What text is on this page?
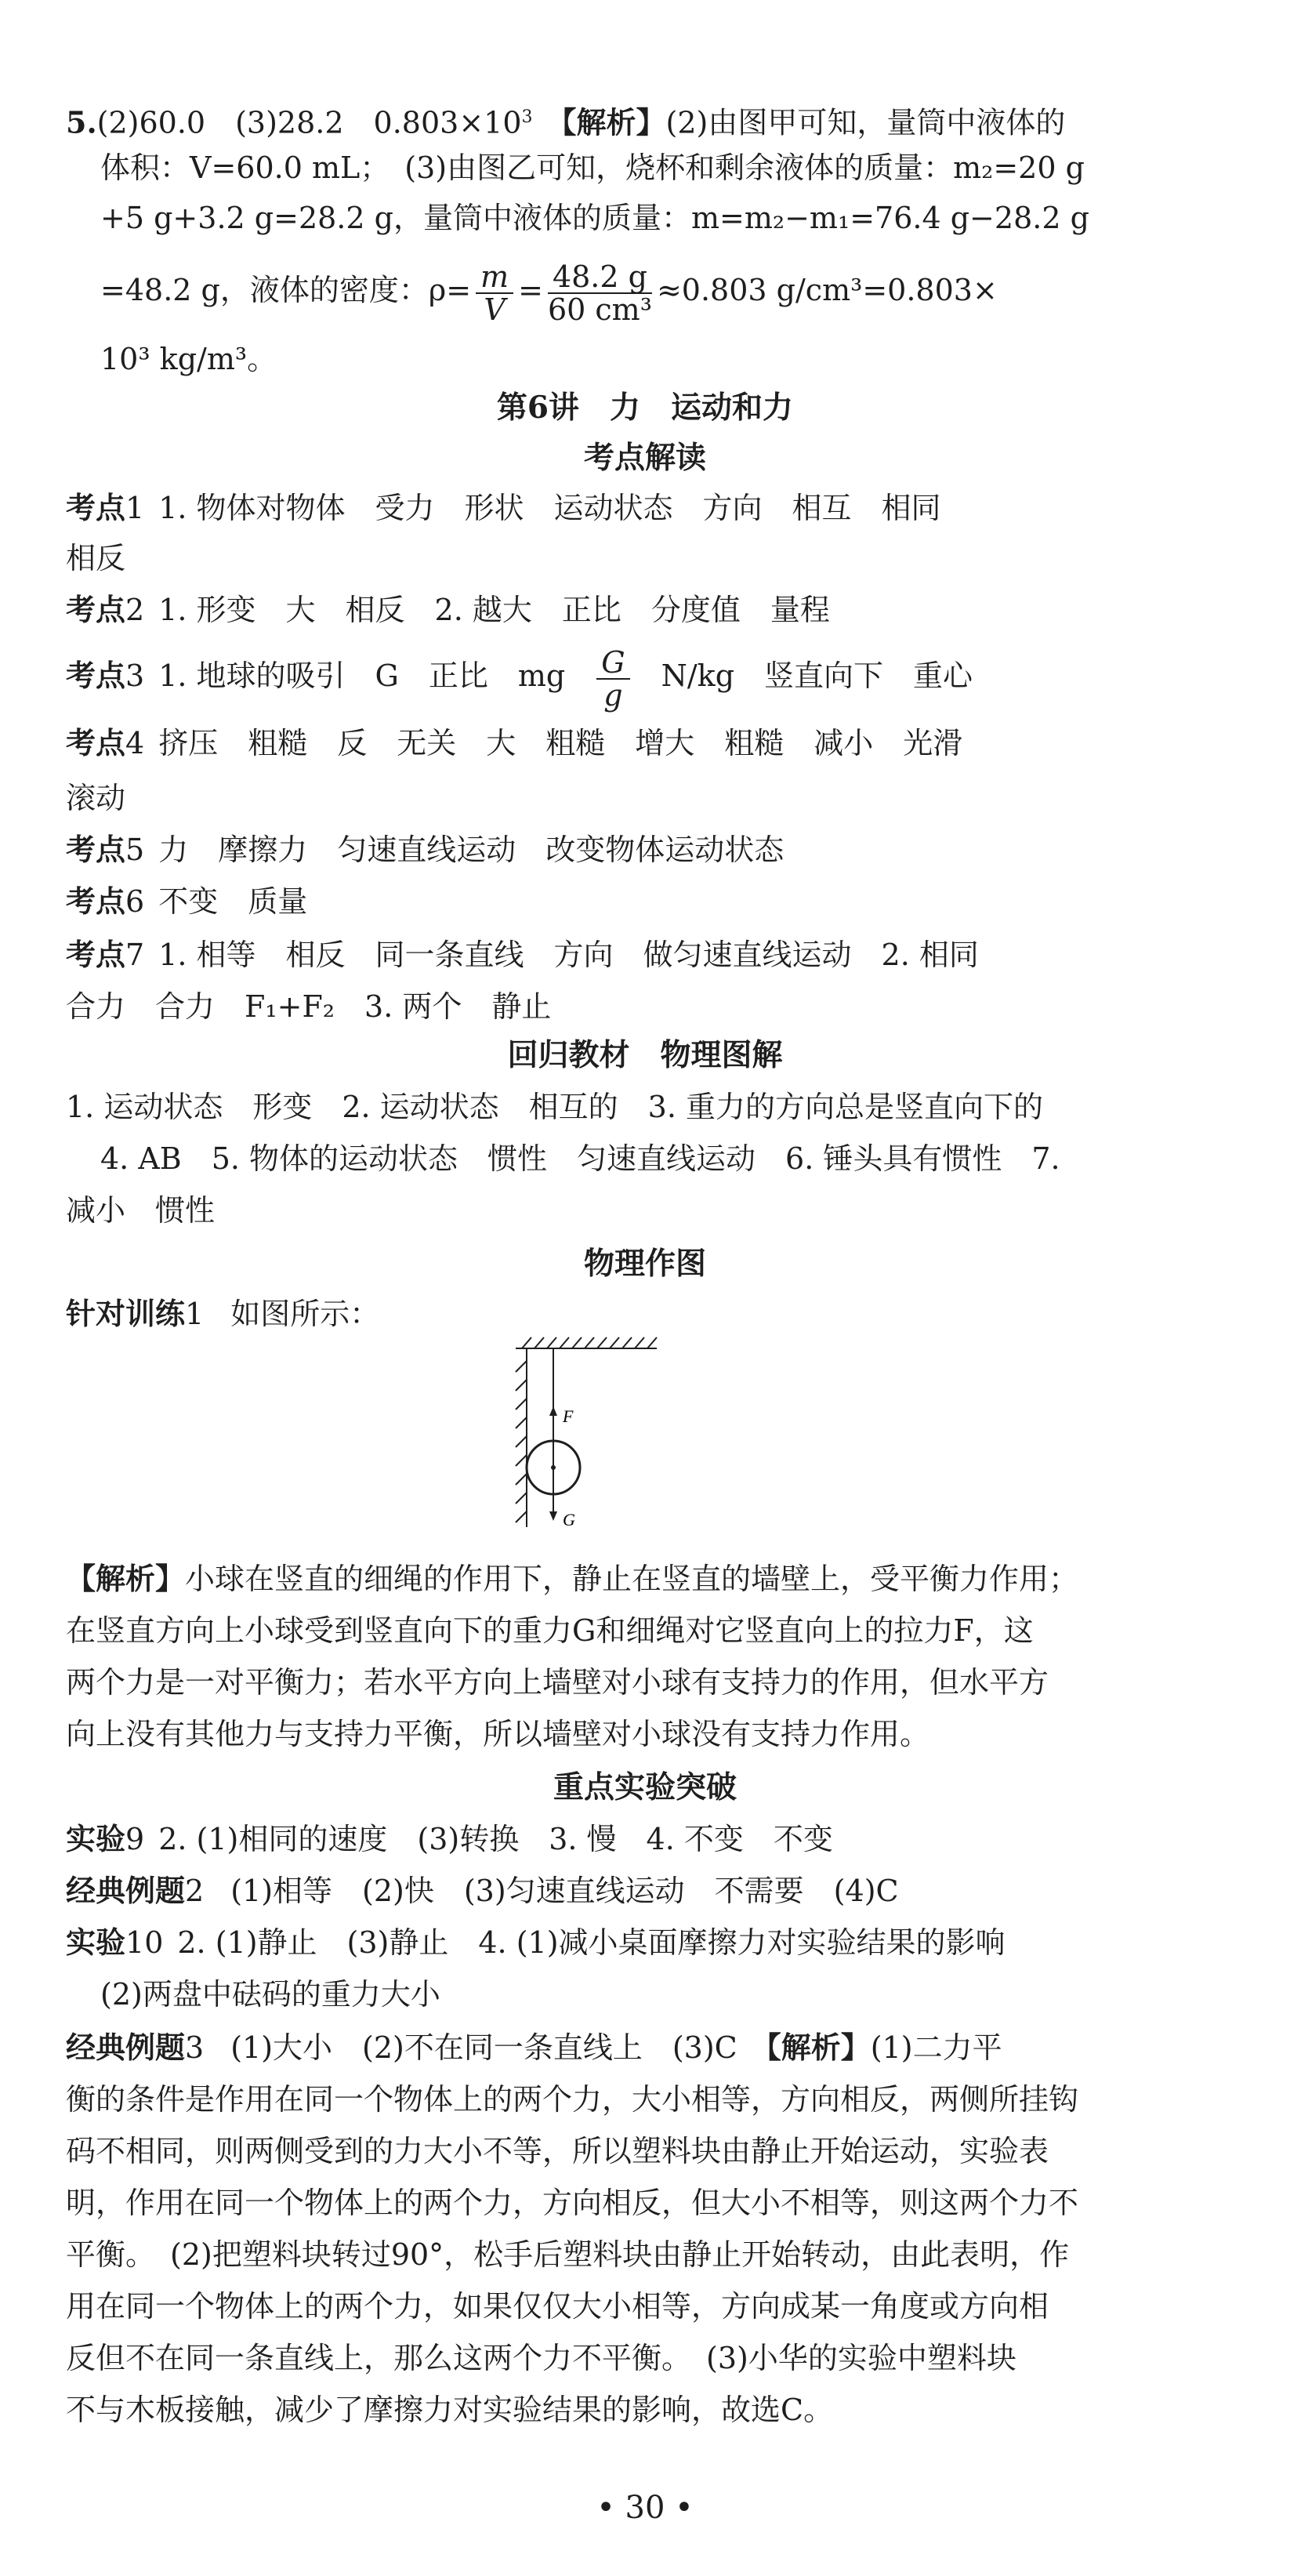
5.(2)60.0　(3)28.2　$0.803\times 10^3$ 【解析】(2)由图甲可知，量筒中液体的
体积：V=60.0 mL；　(3)由图乙可知，烧杯和剩余液体的质量：m₂=20 g
+5 g+3.2 g=28.2 g，量筒中液体的质量：m=m₂−m₁=76.4 g−28.2 g
=48.2 g，液体的密度：$\rho= \frac{m}{V} = \frac{48.2 g}{\text{60 cm³}} \approx 0.803$ g/cm³=0.803×
10³ kg/m³。
第6讲　力　运动和力
考点解读
考点1 1. 物体对物体　受力　形状　运动状态　方向　相互　相同
相反
考点2 1. 形变　大　相反　2. 越大　正比　分度值　量程
考点3 1. 地球的吸引　G　正比　mg $\frac{G}{g} N/kg$　竖直向下　重心
考点4 挤压　粗糙　反　无关　大　粗糙　增大　粗糙　减小　光滑
滚动
考点5 力　摩擦力　匀速直线运动　改变物体运动状态
考点6 不变　质量
考点7 1. 相等　相反　同一条直线　方向　做匀速直线运动　2. 相同
合力　合力　F₁+F₂　3. 两个　静止
回归教材　物理图解
1. 运动状态　形变　2. 运动状态　相互的　3. 重力的方向总是竖直向下的
4. AB　5. 物体的运动状态　惯性　匀速直线运动　6. 锤头具有惯性　7.
减小　惯性
物理作图
针对训练1 如图所示：
F
G
【解析】小球在竖直的细绳的作用下，静止在竖直的墙壁上，受平衡力作用；
在竖直方向上小球受到竖直向下的重力G和细绳对它竖直向上的拉力F，这
两个力是一对平衡力；若水平方向上墙壁对小球有支持力的作用，但水平方
向上没有其他力与支持力平衡，所以墙壁对小球没有支持力作用。
重点实验突破
实验9 2. (1)相同的速度　(3)转换　3. 慢　4. 不变　不变
经典例题2 (1)相等　(2)快　(3)匀速直线运动　不需要　(4)C
实验10 2. (1)静止　(3)静止　4. (1)减小桌面摩擦力对实验结果的影响
(2)两盘中砝码的重力大小
经典例题3 (1)大小　(2)不在同一条直线上　(3)C 【解析】(1)二力平
衡的条件是作用在同一个物体上的两个力，大小相等，方向相反，两侧所挂钩
码不相同，则两侧受到的力大小不等，所以塑料块由静止开始运动，实验表
明，作用在同一个物体上的两个力，方向相反，但大小不相等，则这两个力不
平衡。　(2)把塑料块转过90°，松手后塑料块由静止开始转动，由此表明，作
用在同一个物体上的两个力，如果仅仅大小相等，方向成某一角度或方向相
反但不在同一条直线上，那么这两个力不平衡。　(3)小华的实验中塑料块
不与木板接触，减少了摩擦力对实验结果的影响，故选C。
• 30 •
